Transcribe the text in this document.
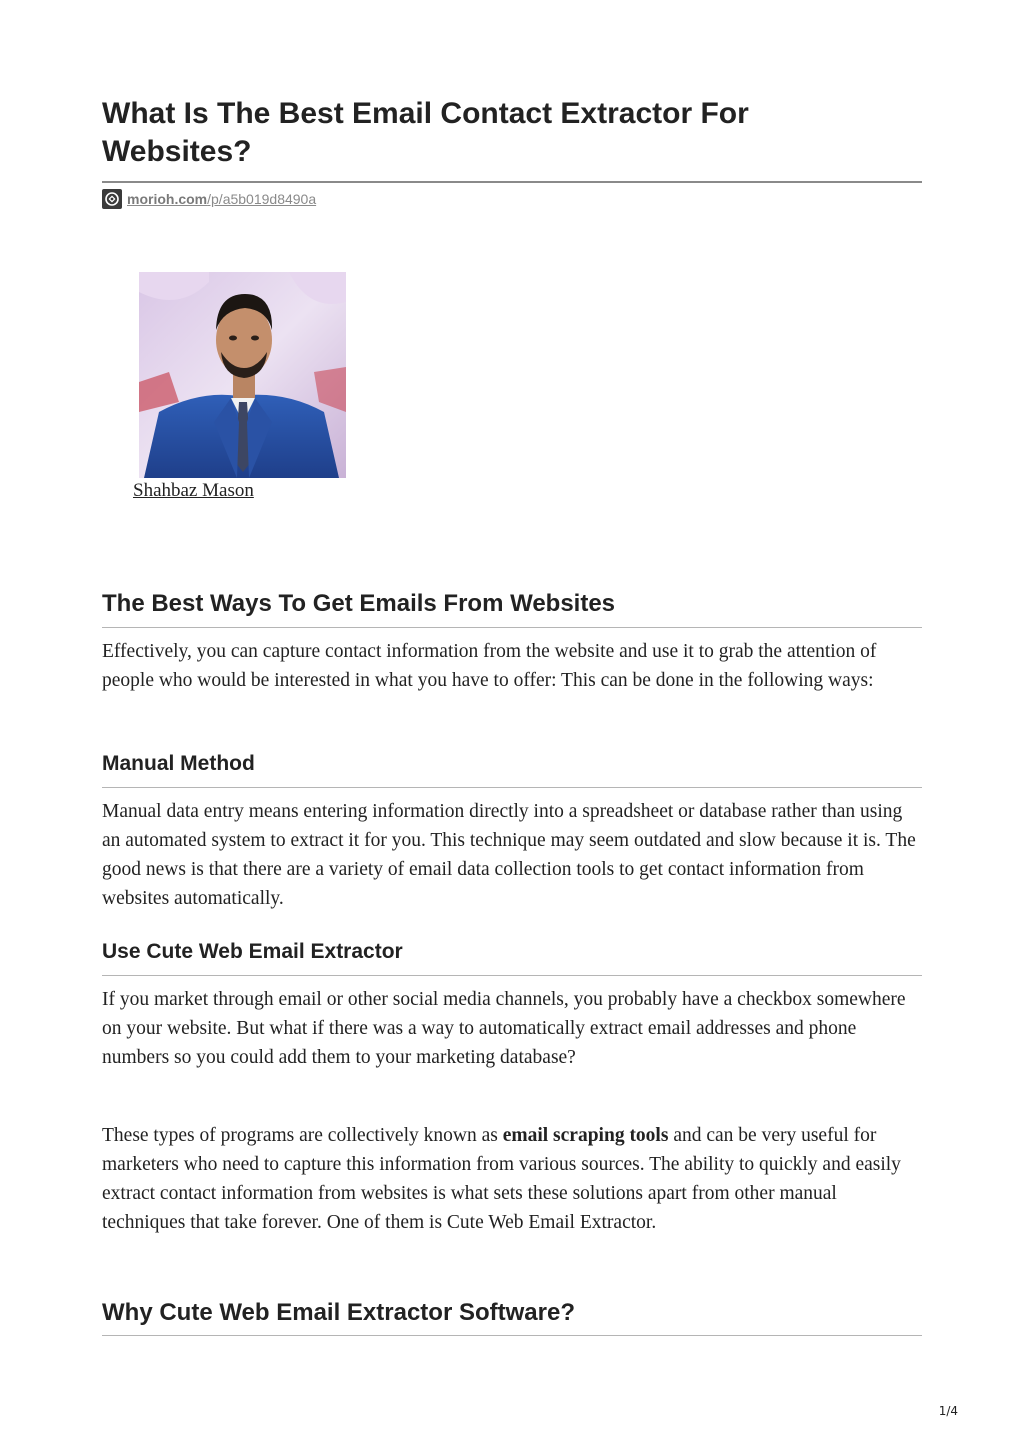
What Is The Best Email Contact Extractor For Websites?
morioh.com/p/a5b019d8490a
Shahbaz Mason
The Best Ways To Get Emails From Websites

Effectively, you can capture contact information from the website and use it to grab the attention of people who would be interested in what you have to offer: This can be done in the following ways:

Manual Method

Manual data entry means entering information directly into a spreadsheet or database rather than using an automated system to extract it for you. This technique may seem outdated and slow because it is. The good news is that there are a variety of email data collection tools to get contact information from websites automatically.

Use Cute Web Email Extractor

If you market through email or other social media channels, you probably have a checkbox somewhere on your website. But what if there was a way to automatically extract email addresses and phone numbers so you could add them to your marketing database?

These types of programs are collectively known as email scraping tools and can be very useful for marketers who need to capture this information from various sources. The ability to quickly and easily extract contact information from websites is what sets these solutions apart from other manual techniques that take forever. One of them is Cute Web Email Extractor.

Why Cute Web Email Extractor Software?
1/4
